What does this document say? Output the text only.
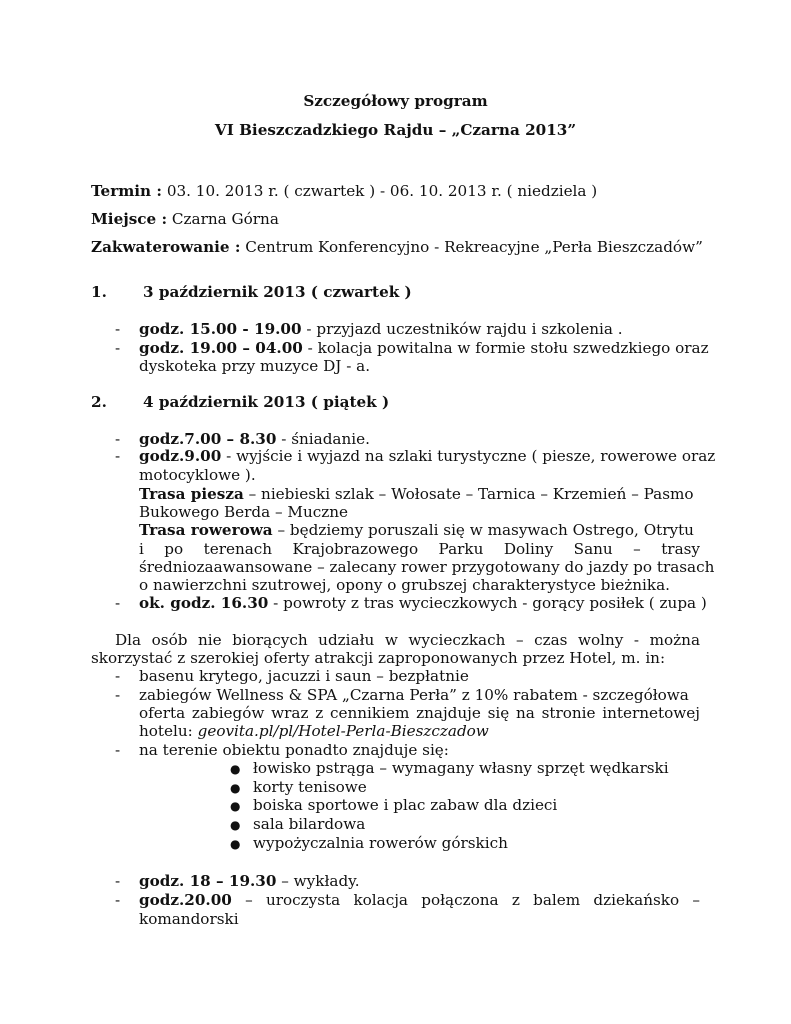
Szczegółowy program
VI Bieszczadzkiego Rajdu – „Czarna 2013”
Termin : 03. 10. 2013 r. ( czwartek ) - 06. 10. 2013 r. ( niedziela )
Miejsce : Czarna Górna
Zakwaterowanie : Centrum Konferencyjno - Rekreacyjne „Perła Bieszczadów”
1. 3 październik 2013 ( czwartek )
- godz. 15.00 - 19.00 - przyjazd uczestników rajdu i szkolenia .
- godz. 19.00 – 04.00 - kolacja powitalna w formie stołu szwedzkiego oraz
dyskoteka przy muzyce DJ - a.
2. 4 październik 2013 ( piątek )
- godz.7.00 – 8.30 - śniadanie.
- godz.9.00 - wyjście i wyjazd na szlaki turystyczne ( piesze, rowerowe oraz
motocyklowe ).
Trasa piesza – niebieski szlak – Wołosate – Tarnica – Krzemień – Pasmo
Bukowego Berda – Muczne
Trasa rowerowa – będziemy poruszali się w masywach Ostrego, Otrytu
i po terenach Krajobrazowego Parku Doliny Sanu – trasy
średniozaawansowane – zalecany rower przygotowany do jazdy po trasach
o nawierzchni szutrowej, opony o grubszej charakterystyce bieżnika.
- ok. godz. 16.30 - powroty z tras wycieczkowych - gorący posiłek ( zupa )
Dla osób nie biorących udziału w wycieczkach – czas wolny - można
skorzystać z szerokiej oferty atrakcji zaproponowanych przez Hotel, m. in:
- basenu krytego, jacuzzi i saun – bezpłatnie
- zabiegów Wellness & SPA „Czarna Perła” z 10% rabatem - szczegółowa
oferta zabiegów wraz z cennikiem znajduje się na stronie internetowej
hotelu: geovita.pl/pl/Hotel-Perla-Bieszczadow
- na terenie obiektu ponadto znajduje się:
● łowisko pstrąga – wymagany własny sprzęt wędkarski
● korty tenisowe
● boiska sportowe i plac zabaw dla dzieci
● sala bilardowa
● wypożyczalnia rowerów górskich
- godz. 18 – 19.30 – wykłady.
- godz.20.00 – uroczysta kolacja połączona z balem dziekańsko –
komandorski
